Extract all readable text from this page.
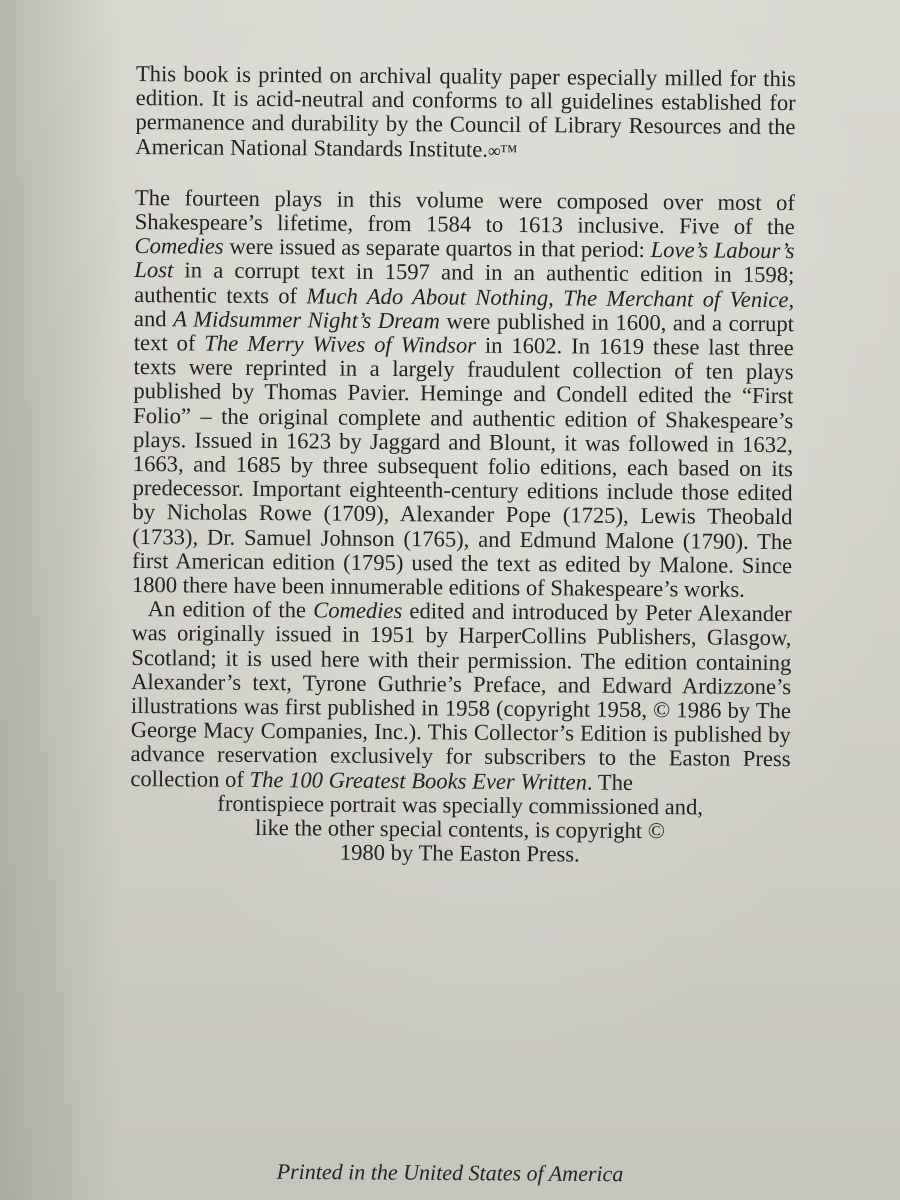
This book is printed on archival quality paper especially milled for this edition. It is acid-neutral and conforms to all guidelines established for permanence and durability by the Council of Library Resources and the American National Standards Institute.∞™

The fourteen plays in this volume were composed over most of Shakespeare’s lifetime, from 1584 to 1613 inclusive. Five of the Comedies were issued as separate quartos in that period: Love’s Labour’s Lost in a corrupt text in 1597 and in an authentic edition in 1598; authentic texts of Much Ado About Nothing, The Merchant of Venice, and A Midsummer Night’s Dream were published in 1600, and a corrupt text of The Merry Wives of Windsor in 1602. In 1619 these last three texts were reprinted in a largely fraudulent collection of ten plays published by Thomas Pavier. Heminge and Condell edited the “First Folio” – the original complete and authentic edition of Shakespeare’s plays. Issued in 1623 by Jaggard and Blount, it was followed in 1632, 1663, and 1685 by three subsequent folio editions, each based on its predecessor. Important eighteenth-century editions include those edited by Nicholas Rowe (1709), Alexander Pope (1725), Lewis Theobald (1733), Dr. Samuel Johnson (1765), and Edmund Malone (1790). The first American edition (1795) used the text as edited by Malone. Since 1800 there have been innumerable editions of Shakespeare’s works.

An edition of the Comedies edited and introduced by Peter Alexander was originally issued in 1951 by HarperCollins Publishers, Glasgow, Scotland; it is used here with their permission. The edition containing Alexander’s text, Tyrone Guthrie’s Preface, and Edward Ardizzone’s illustrations was first published in 1958 (copyright 1958, © 1986 by The George Macy Companies, Inc.). This Collector’s Edition is published by advance reservation exclusively for subscribers to the Easton Press collection of The 100 Greatest Books Ever Written. The

frontispiece portrait was specially commissioned and,
like the other special contents, is copyright ©
1980 by The Easton Press.

Printed in the United States of America
